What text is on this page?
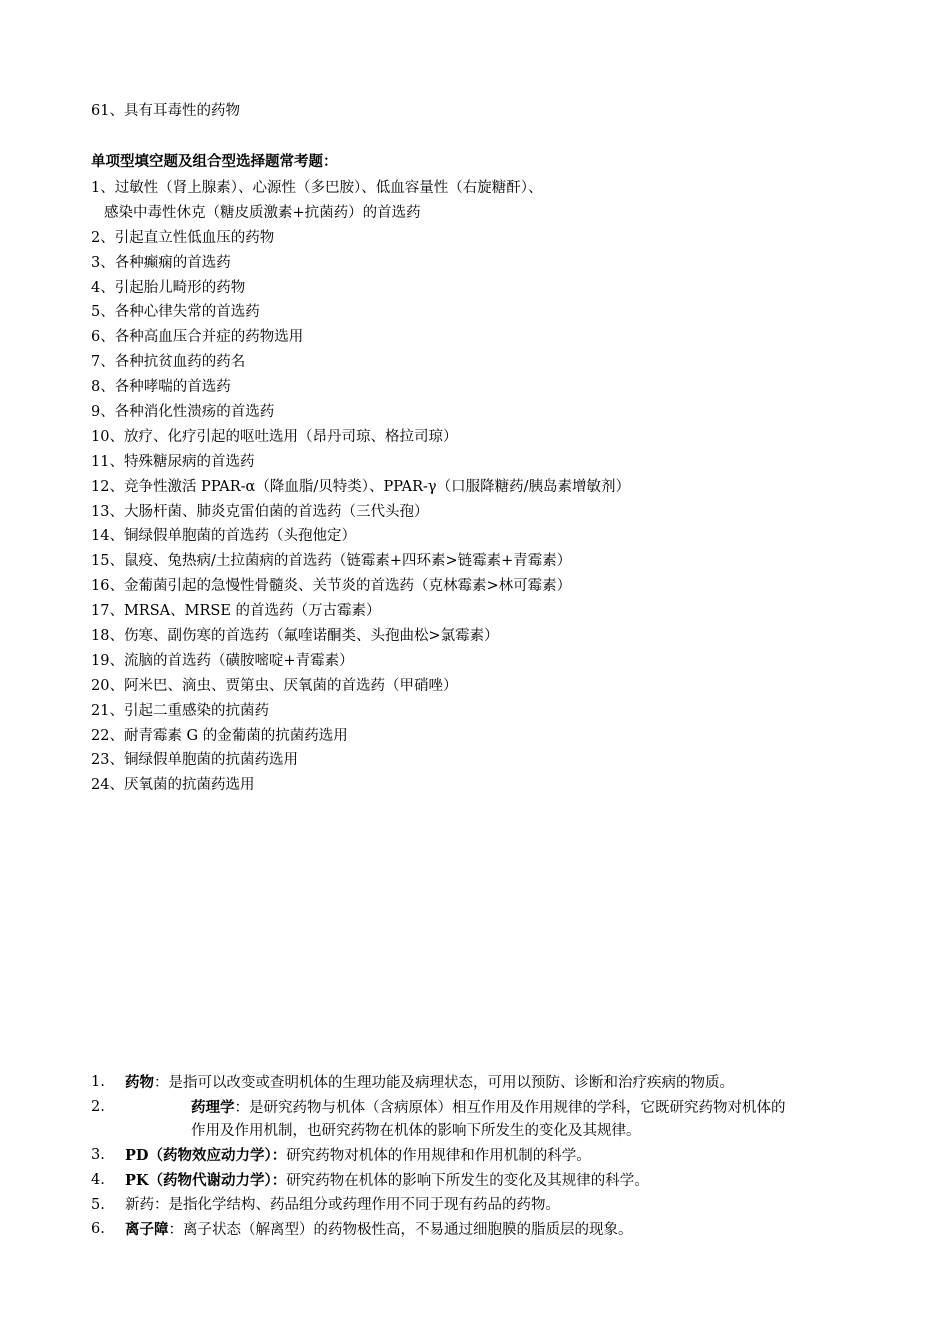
61、具有耳毒性的药物
单项型填空题及组合型选择题常考题：
1、过敏性（肾上腺素）、心源性（多巴胺）、低血容量性（右旋糖酐）、
感染中毒性休克（糖皮质激素+抗菌药）的首选药
2、引起直立性低血压的药物
3、各种癫痫的首选药
4、引起胎儿畸形的药物
5、各种心律失常的首选药
6、各种高血压合并症的药物选用
7、各种抗贫血药的药名
8、各种哮喘的首选药
9、各种消化性溃疡的首选药
10、放疗、化疗引起的呕吐选用（昂丹司琼、格拉司琼）
11、特殊糖尿病的首选药
12、竞争性激活 PPAR-α（降血脂/贝特类）、PPAR-γ（口服降糖药/胰岛素增敏剂）
13、大肠杆菌、肺炎克雷伯菌的首选药（三代头孢）
14、铜绿假单胞菌的首选药（头孢他定）
15、鼠疫、兔热病/土拉菌病的首选药（链霉素+四环素>链霉素+青霉素）
16、金葡菌引起的急慢性骨髓炎、关节炎的首选药（克林霉素>林可霉素）
17、MRSA、MRSE 的首选药（万古霉素）
18、伤寒、副伤寒的首选药（氟喹诺酮类、头孢曲松>氯霉素）
19、流脑的首选药（磺胺嘧啶+青霉素）
20、阿米巴、滴虫、贾第虫、厌氧菌的首选药（甲硝唑）
21、引起二重感染的抗菌药
22、耐青霉素 G 的金葡菌的抗菌药选用
23、铜绿假单胞菌的抗菌药选用
24、厌氧菌的抗菌药选用
1.	药物：是指可以改变或查明机体的生理功能及病理状态，可用以预防、诊断和治疗疾病的物质。
2.	药理学：是研究药物与机体（含病原体）相互作用及作用规律的学科，它既研究药物对机体的
作用及作用机制，也研究药物在机体的影响下所发生的变化及其规律。
3.	PD（药物效应动力学）：研究药物对机体的作用规律和作用机制的科学。
4.	PK（药物代谢动力学）：研究药物在机体的影响下所发生的变化及其规律的科学。
5.	新药：是指化学结构、药品组分或药理作用不同于现有药品的药物。
6.	离子障：离子状态（解离型）的药物极性高，不易通过细胞膜的脂质层的现象。
